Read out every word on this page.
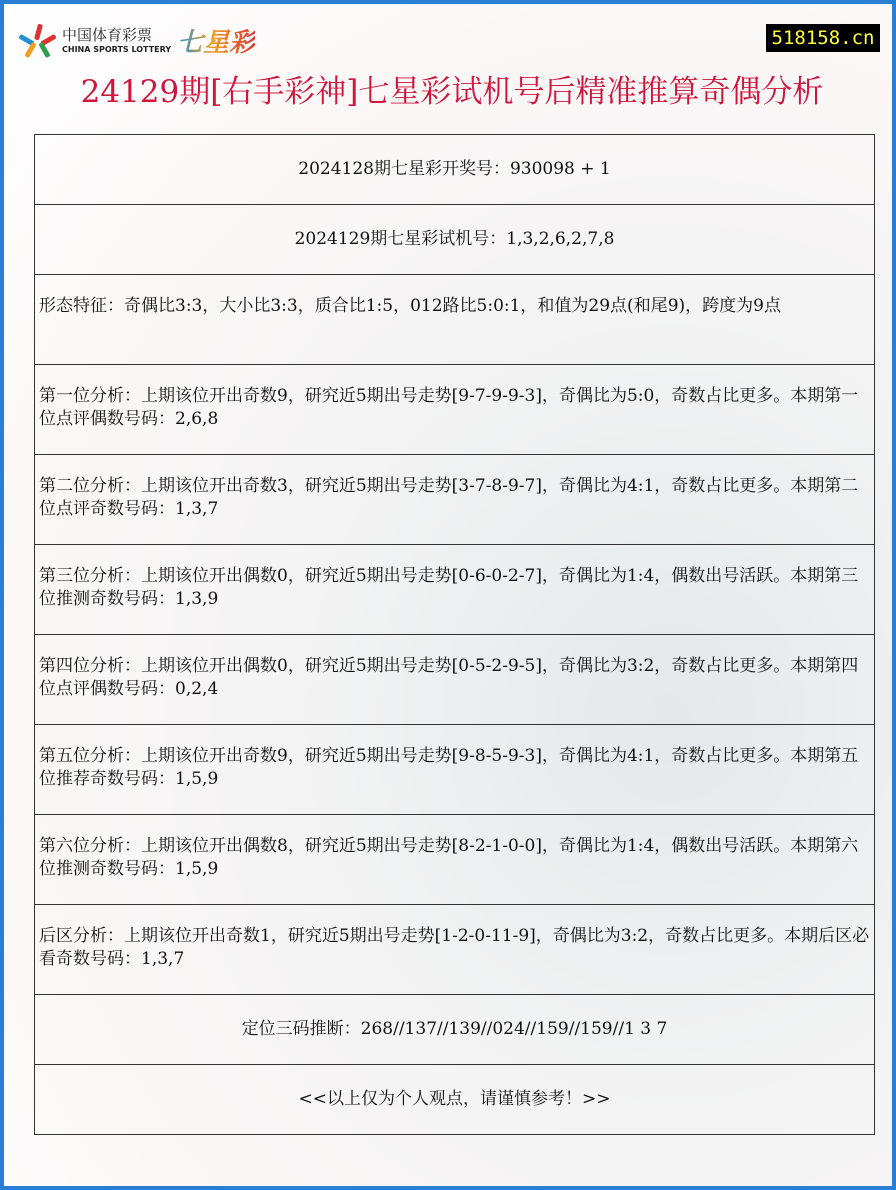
中国体育彩票
CHINA SPORTS LOTTERY 七星彩	518158.cn
24129期[右手彩神]七星彩试机号后精准推算奇偶分析
2024128期七星彩开奖号：930098 + 1
2024129期七星彩试机号：1,3,2,6,2,7,8
形态特征：奇偶比3:3，大小比3:3，质合比1:5，012路比5:0:1，和值为29点(和尾9)，跨度为9点
第一位分析：上期该位开出奇数9，研究近5期出号走势[9-7-9-9-3]，奇偶比为5:0，奇数占比更多。本期第一位点评偶数号码：2,6,8
第二位分析：上期该位开出奇数3，研究近5期出号走势[3-7-8-9-7]，奇偶比为4:1，奇数占比更多。本期第二位点评奇数号码：1,3,7
第三位分析：上期该位开出偶数0，研究近5期出号走势[0-6-0-2-7]，奇偶比为1:4，偶数出号活跃。本期第三位推测奇数号码：1,3,9
第四位分析：上期该位开出偶数0，研究近5期出号走势[0-5-2-9-5]，奇偶比为3:2，奇数占比更多。本期第四位点评偶数号码：0,2,4
第五位分析：上期该位开出奇数9，研究近5期出号走势[9-8-5-9-3]，奇偶比为4:1，奇数占比更多。本期第五位推荐奇数号码：1,5,9
第六位分析：上期该位开出偶数8，研究近5期出号走势[8-2-1-0-0]，奇偶比为1:4，偶数出号活跃。本期第六位推测奇数号码：1,5,9
后区分析：上期该位开出奇数1，研究近5期出号走势[1-2-0-11-9]，奇偶比为3:2，奇数占比更多。本期后区必看奇数号码：1,3,7
定位三码推断：268//137//139//024//159//159//1 3 7
<<以上仅为个人观点，请谨慎参考！>>
